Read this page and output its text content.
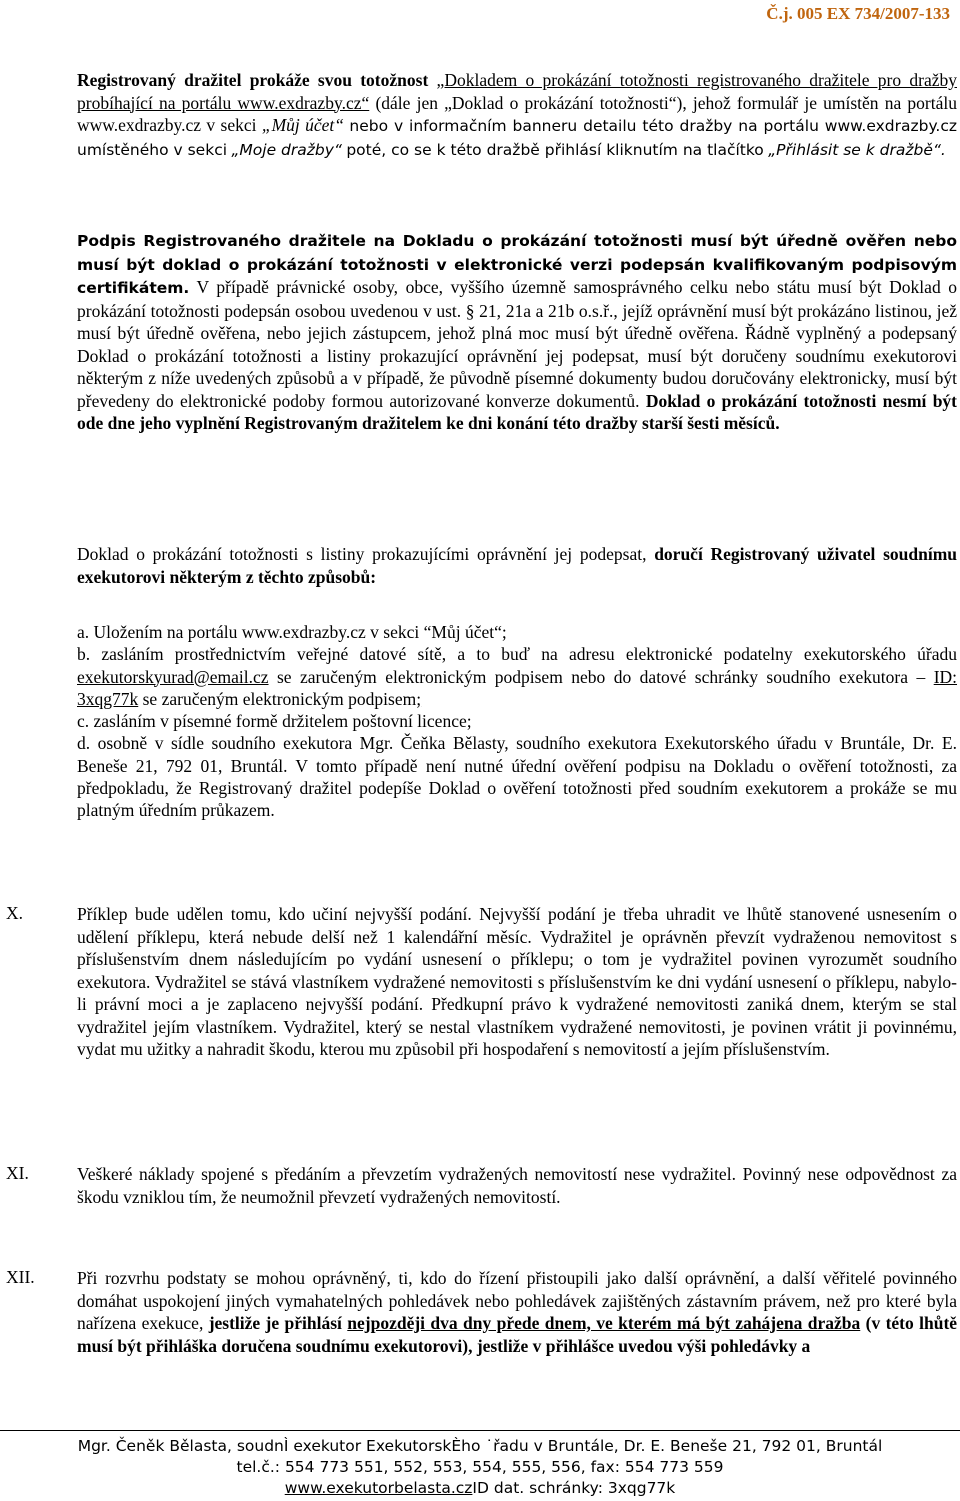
Č.j. 005 EX 734/2007-133

Registrovaný dražitel prokáže svou totožnost „Dokladem o prokázání totožnosti registrovaného dražitele pro dražby probíhající na portálu www.exdrazby.cz“ (dále jen „Doklad o prokázání totožnosti“), jehož formulář je umístěn na portálu www.exdrazby.cz v sekci „Můj účet“ nebo v informačním banneru detailu této dražby na portálu www.exdrazby.cz umístěného v sekci „Moje dražby“ poté, co se k této dražbě přihlásí kliknutím na tlačítko „Přihlásit se k dražbě“.

Podpis Registrovaného dražitele na Dokladu o prokázání totožnosti musí být úředně ověřen nebo musí být doklad o prokázání totožnosti v elektronické verzi podepsán kvalifikovaným podpisovým certifikátem. V případě právnické osoby, obce, vyššího územně samosprávného celku nebo státu musí být Doklad o prokázání totožnosti podepsán osobou uvedenou v ust. § 21, 21a a 21b o.s.ř., jejíž oprávnění musí být prokázáno listinou, jež musí být úředně ověřena, nebo jejich zástupcem, jehož plná moc musí být úředně ověřena. Řádně vyplněný a podepsaný Doklad o prokázání totožnosti a listiny prokazující oprávnění jej podepsat, musí být doručeny soudnímu exekutorovi některým z níže uvedených způsobů a v případě, že původně písemné dokumenty budou doručovány elektronicky, musí být převedeny do elektronické podoby formou autorizované konverze dokumentů. Doklad o prokázání totožnosti nesmí být ode dne jeho vyplnění Registrovaným dražitelem ke dni konání této dražby starší šesti měsíců.

Doklad o prokázání totožnosti s listiny prokazujícími oprávnění jej podepsat, doručí Registrovaný uživatel soudnímu exekutorovi některým z těchto způsobů:

a. Uložením na portálu www.exdrazby.cz v sekci “Můj účet“;
b. zasláním prostřednictvím veřejné datové sítě, a to buď na adresu elektronické podatelny exekutorského úřadu exekutorskyurad@email.cz se zaručeným elektronickým podpisem nebo do datové schránky soudního exekutora – ID: 3xqg77k se zaručeným elektronickým podpisem;
c. zasláním v písemné formě držitelem poštovní licence;
d. osobně v sídle soudního exekutora Mgr. Čeňka Bělasty, soudního exekutora Exekutorského úřadu v Bruntále, Dr. E. Beneše 21, 792 01, Bruntál. V tomto případě není nutné úřední ověření podpisu na Dokladu o ověření totožnosti, za předpokladu, že Registrovaný dražitel podepíše Doklad o ověření totožnosti před soudním exekutorem a prokáže se mu platným úředním průkazem.
X.	Příklep bude udělen tomu, kdo učiní nejvyšší podání. Nejvyšší podání je třeba uhradit ve lhůtě stanovené usnesením o udělení příklepu, která nebude delší než 1 kalendářní měsíc. Vydražitel je oprávněn převzít vydraženou nemovitost s příslušenstvím dnem následujícím po vydání usnesení o příklepu; o tom je vydražitel povinen vyrozumět soudního exekutora. Vydražitel se stává vlastníkem vydražené nemovitosti s příslušenstvím ke dni vydání usnesení o příklepu, nabylo-li právní moci a je zaplaceno nejvyšší podání. Předkupní právo k vydražené nemovitosti zaniká dnem, kterým se stal vydražitel jejím vlastníkem. Vydražitel, který se nestal vlastníkem vydražené nemovitosti, je povinen vrátit ji povinnému, vydat mu užitky a nahradit škodu, kterou mu způsobil při hospodaření s nemovitostí a jejím příslušenstvím.

XI.	Veškeré náklady spojené s předáním a převzetím vydražených nemovitostí nese vydražitel. Povinný nese odpovědnost za škodu vzniklou tím, že neumožnil převzetí vydražených nemovitostí.

XII. Při rozvrhu podstaty se mohou oprávněný, ti, kdo do řízení přistoupili jako další oprávnění, a další věřitelé povinného domáhat uspokojení jiných vymahatelných pohledávek nebo pohledávek zajištěných zástavním právem, než pro které byla nařízena exekuce, jestliže je přihlásí nejpozději dva dny přede dnem, ve kterém má být zahájena dražba (v této lhůtě musí být přihláška doručena soudnímu exekutorovi), jestliže v přihlášce uvedou výši pohledávky a

Mgr. Čeněk Bělasta, soudnÌ exekutor ExekutorskÈho ˙řadu v Bruntále, Dr. E. Beneše 21, 792 01, Bruntál
tel.č.: 554 773 551, 552, 553, 554, 555, 556, fax: 554 773 559
www.exekutorbelasta.czID dat. schránky: 3xqg77k
